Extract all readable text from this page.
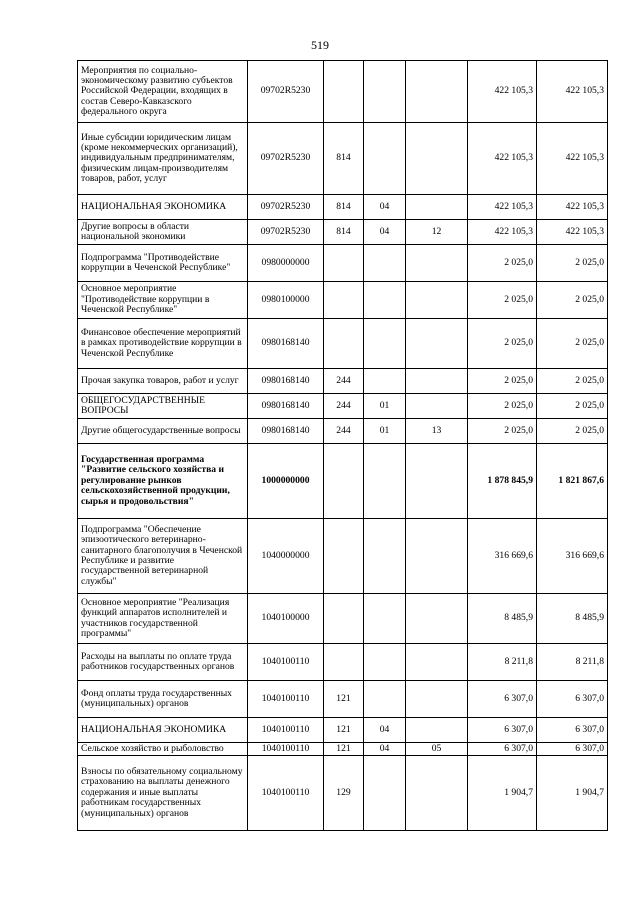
519
Мероприятия по социально-экономическому развитию субъектов Российской Федерации, входящих в состав Северо-Кавказского федерального округа	09702R5230				422 105,3	422 105,3
Иные субсидии юридическим лицам (кроме некоммерческих организаций), индивидуальным предпринимателям, физическим лицам-производителям товаров, работ, услуг	09702R5230	814			422 105,3	422 105,3
НАЦИОНАЛЬНАЯ ЭКОНОМИКА	09702R5230	814	04		422 105,3	422 105,3
Другие вопросы в области национальной экономики	09702R5230	814	04	12	422 105,3	422 105,3
Подпрограмма "Противодействие коррупции в Чеченской Республике"	0980000000				2 025,0	2 025,0
Основное мероприятие "Противодействие коррупции в Чеченской Республике"	0980100000				2 025,0	2 025,0
Финансовое обеспечение мероприятий в рамках противодействие коррупции в Чеченской Республике	0980168140				2 025,0	2 025,0
Прочая закупка товаров, работ и услуг	0980168140	244			2 025,0	2 025,0
ОБЩЕГОСУДАРСТВЕННЫЕ ВОПРОСЫ	0980168140	244	01		2 025,0	2 025,0
Другие общегосударственные вопросы	0980168140	244	01	13	2 025,0	2 025,0
Государственная программа "Развитие сельского хозяйства и регулирование рынков сельскохозяйственной продукции, сырья и продовольствия"	1000000000				1 878 845,9	1 821 867,6
Подпрограмма "Обеспечение эпизоотического ветеринарно-санитарного благополучия в Чеченской Республике и развитие государственной ветеринарной службы"	1040000000				316 669,6	316 669,6
Основное мероприятие "Реализация функций аппаратов исполнителей и участников государственной программы"	1040100000				8 485,9	8 485,9
Расходы на выплаты по оплате труда работников государственных органов	1040100110				8 211,8	8 211,8
Фонд оплаты труда государственных (муниципальных) органов	1040100110	121			6 307,0	6 307,0
НАЦИОНАЛЬНАЯ ЭКОНОМИКА	1040100110	121	04		6 307,0	6 307,0
Сельское хозяйство и рыболовство	1040100110	121	04	05	6 307,0	6 307,0
Взносы по обязательному социальному страхованию на выплаты денежного содержания и иные выплаты работникам государственных (муниципальных) органов	1040100110	129			1 904,7	1 904,7
